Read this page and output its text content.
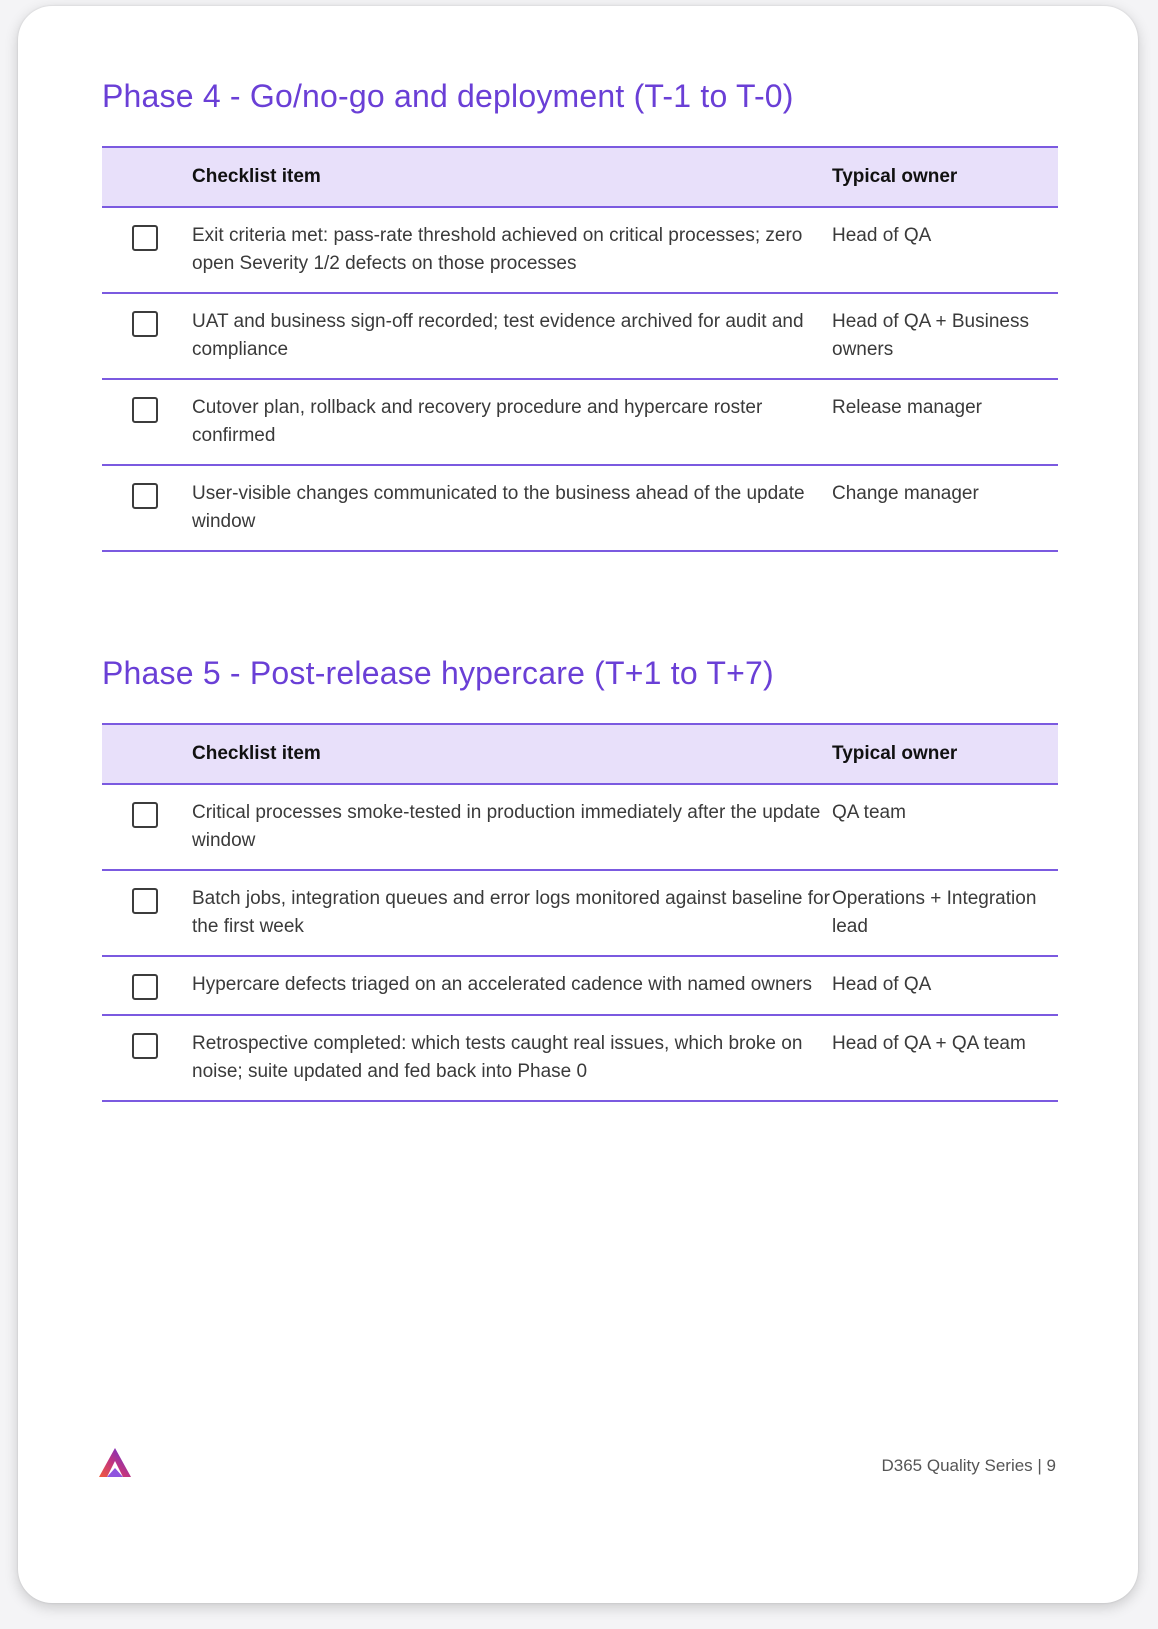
Phase 4 - Go/no-go and deployment (T-1 to T-0)
	Checklist item	Typical owner

	Exit criteria met: pass-rate threshold achieved on critical processes; zero open Severity 1/2 defects on those processes	Head of QA

	UAT and business sign-off recorded; test evidence archived for audit and compliance	Head of QA + Business owners

	Cutover plan, rollback and recovery procedure and hypercare roster confirmed	Release manager

	User-visible changes communicated to the business ahead of the update window	Change manager
Phase 5 - Post-release hypercare (T+1 to T+7)
	Checklist item	Typical owner

	Critical processes smoke-tested in production immediately after the update window	QA team

	Batch jobs, integration queues and error logs monitored against baseline for the first week	Operations + Integration lead

	Hypercare defects triaged on an accelerated cadence with named owners	Head of QA

	Retrospective completed: which tests caught real issues, which broke on noise; suite updated and fed back into Phase 0	Head of QA + QA team
D365 Quality Series | 9
